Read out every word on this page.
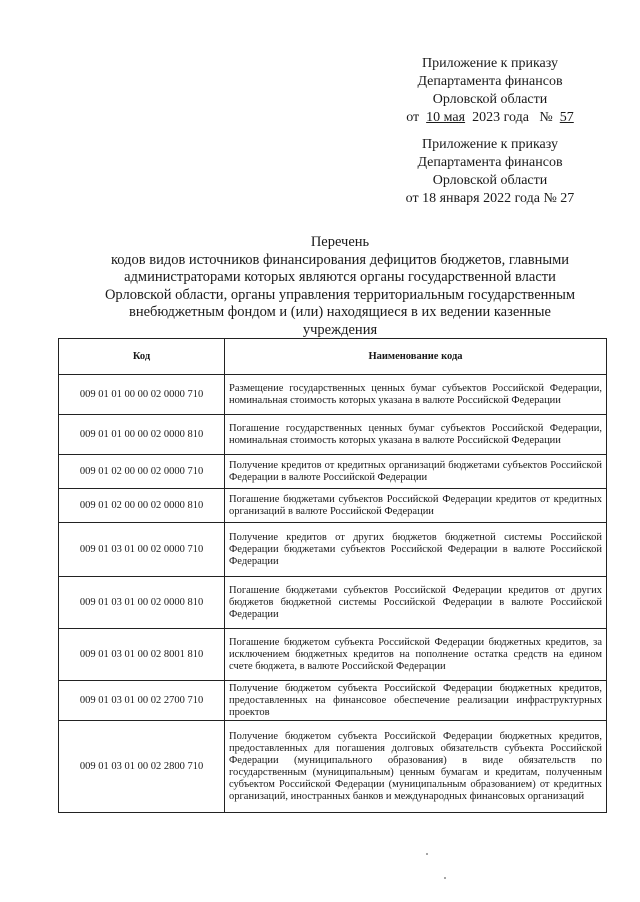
Приложение к приказу
Департамента финансов
Орловской области
от 10 мая 2023 года № 57
Приложение к приказу
Департамента финансов
Орловской области
от 18 января 2022 года № 27
Перечень
кодов видов источников финансирования дефицитов бюджетов, главными
администраторами которых являются органы государственной власти
Орловской области, органы управления территориальным государственным
внебюджетным фондом и (или) находящиеся в их ведении казенные
учреждения
Код	Наименование кода
009 01 01 00 00 02 0000 710	Размещение государственных ценных бумаг субъектов Российской Федерации, номинальная стоимость которых указана в валюте Российской Федерации
009 01 01 00 00 02 0000 810	Погашение государственных ценных бумаг субъектов Российской Федерации, номинальная стоимость которых указана в валюте Российской Федерации
009 01 02 00 00 02 0000 710	Получение кредитов от кредитных организаций бюджетами субъектов Российской Федерации в валюте Российской Федерации
009 01 02 00 00 02 0000 810	Погашение бюджетами субъектов Российской Федерации кредитов от кредитных организаций в валюте Российской Федерации
009 01 03 01 00 02 0000 710	Получение кредитов от других бюджетов бюджетной системы Российской Федерации бюджетами субъектов Российской Федерации в валюте Российской Федерации
009 01 03 01 00 02 0000 810	Погашение бюджетами субъектов Российской Федерации кредитов от других бюджетов бюджетной системы Российской Федерации в валюте Российской Федерации
009 01 03 01 00 02 8001 810	Погашение бюджетом субъекта Российской Федерации бюджетных кредитов, за исключением бюджетных кредитов на пополнение остатка средств на едином счете бюджета, в валюте Российской Федерации
009 01 03 01 00 02 2700 710	Получение бюджетом субъекта Российской Федерации бюджетных кредитов, предоставленных на финансовое обеспечение реализации инфраструктурных проектов
009 01 03 01 00 02 2800 710	Получение бюджетом субъекта Российской Федерации бюджетных кредитов, предоставленных для погашения долговых обязательств субъекта Российской Федерации (муниципального образования) в виде обязательств по государственным (муниципальным) ценным бумагам и кредитам, полученным субъектом Российской Федерации (муниципальным образованием) от кредитных организаций, иностранных банков и международных финансовых организаций
